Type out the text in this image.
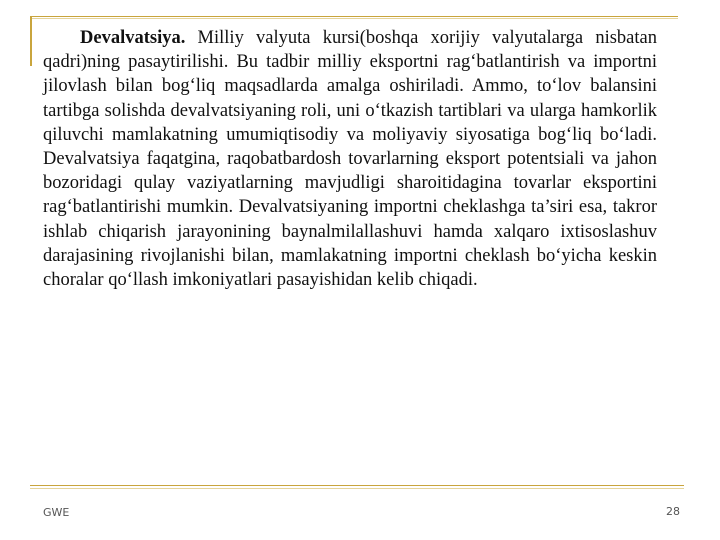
Devalvatsiya. Milliy valyuta kursi(boshqa xorijiy valyutalarga nisbatan qadri)ning pasaytirilishi. Bu tadbir milliy eksportni rag‘batlantirish va importni jilovlash bilan bog‘liq maqsadlarda amalga oshiriladi. Ammo, to‘lov balansini tartibga solishda devalvatsiyaning roli, uni o‘tkazish tartiblari va ularga hamkorlik qiluvchi mamlakatning umumiqtisodiy va moliyaviy siyosatiga bog‘liq bo‘ladi. Devalvatsiya faqatgina, raqobatbardosh tovarlarning eksport potentsiali va jahon bozoridagi qulay vaziyatlarning mavjudligi sharoitidagina tovarlar eksportini rag‘batlantirishi mumkin. Devalvatsiyaning importni cheklashga ta’siri esa, takror ishlab chiqarish jarayonining baynalmilallashuvi hamda xalqaro ixtisoslashuv darajasining rivojlanishi bilan, mamlakatning importni cheklash bo‘yicha keskin choralar qo‘llash imkoniyatlari pasayishidan kelib chiqadi.

GWE	28
